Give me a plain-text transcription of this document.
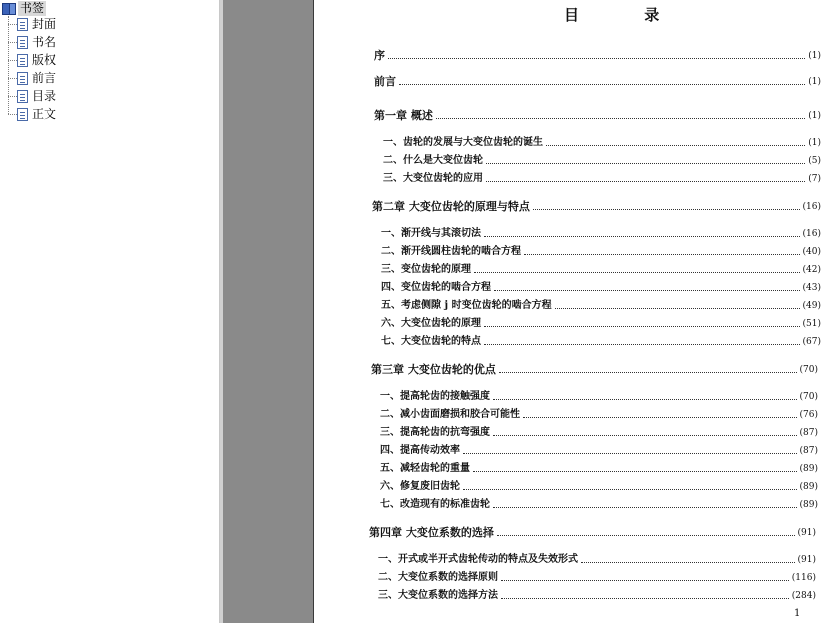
书签
封面
书名
版权
前言
目录
正文
目 录
序	(1)
前言	(1)
第一章 概述	(1)
一、齿轮的发展与大变位齿轮的诞生	(1)
二、什么是大变位齿轮	(5)
三、大变位齿轮的应用	(7)
第二章 大变位齿轮的原理与特点	(16)
一、渐开线与其滚切法	(16)
二、渐开线圆柱齿轮的啮合方程	(40)
三、变位齿轮的原理	(42)
四、变位齿轮的啮合方程	(43)
五、考虑侧隙 j 时变位齿轮的啮合方程	(49)
六、大变位齿轮的原理	(51)
七、大变位齿轮的特点	(67)
第三章 大变位齿轮的优点	(70)
一、提高轮齿的接触强度	(70)
二、减小齿面磨损和胶合可能性	(76)
三、提高轮齿的抗弯强度	(87)
四、提高传动效率	(87)
五、减轻齿轮的重量	(89)
六、修复废旧齿轮	(89)
七、改造现有的标准齿轮	(89)
第四章 大变位系数的选择	(91)
一、开式或半开式齿轮传动的特点及失效形式	(91)
二、大变位系数的选择原则	(116)
三、大变位系数的选择方法	(284)
1
